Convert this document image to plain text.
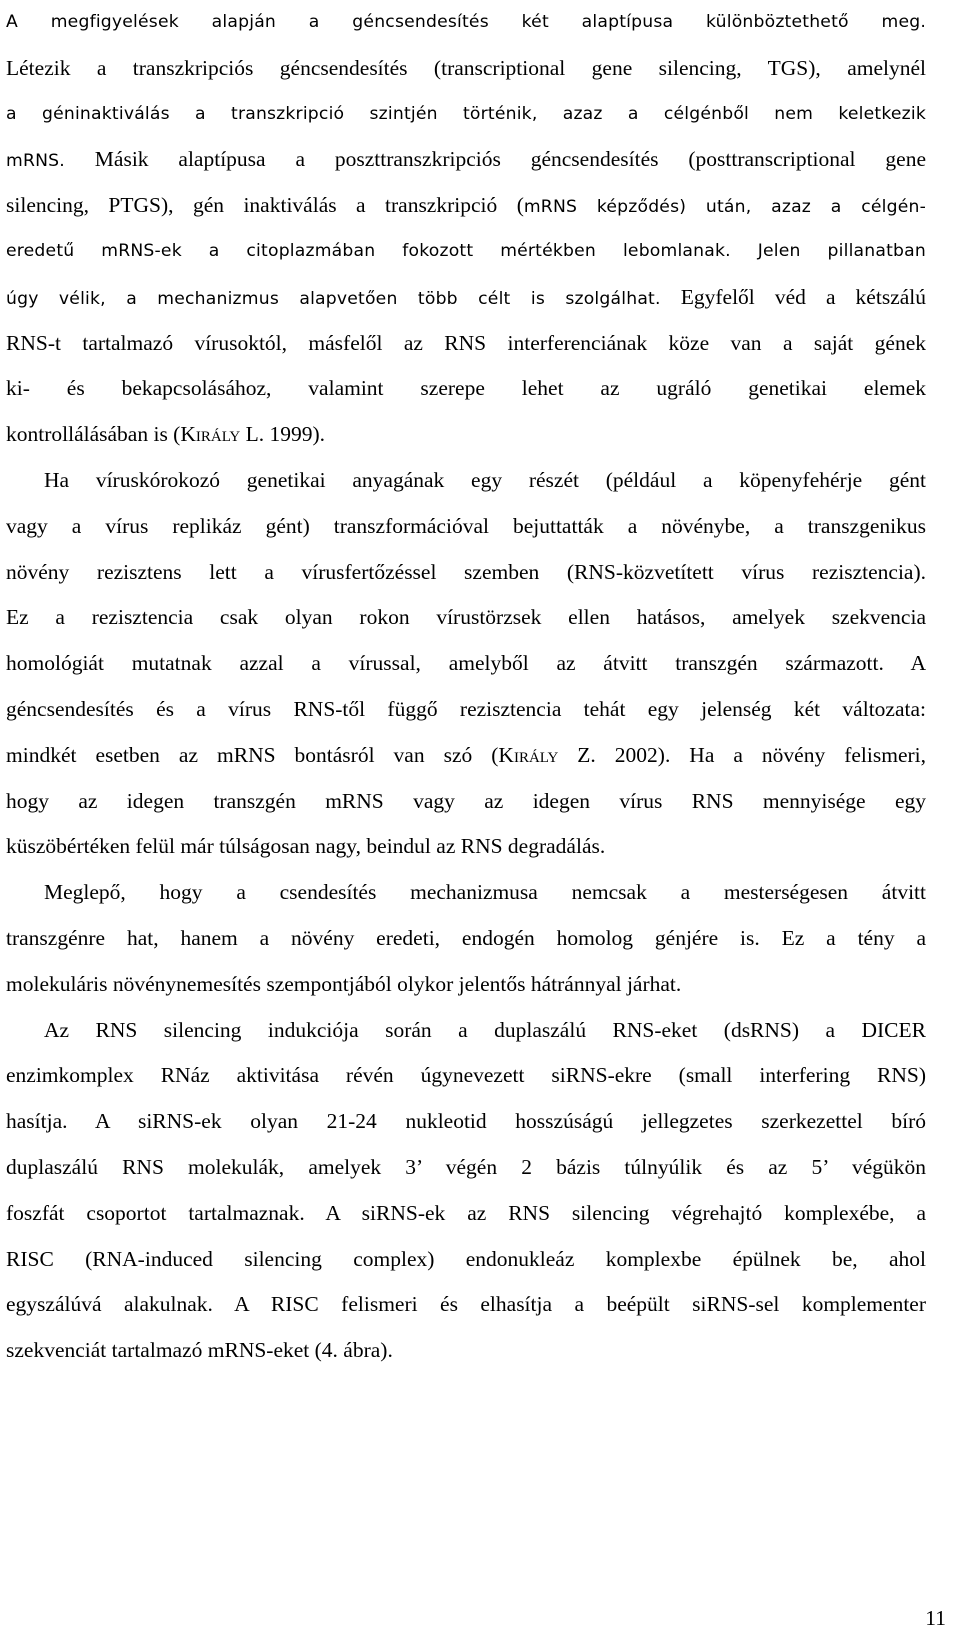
A megfigyelések alapján a géncsendesítés két alaptípusa különböztethető meg.
Létezik a transzkripciós géncsendesítés (transcriptional gene silencing, TGS), amelynél
a géninaktiválás a transzkripció szintjén történik, azaz a célgénből nem keletkezik
mRNS. Másik alaptípusa a poszttranszkripciós géncsendesítés (posttranscriptional gene
silencing, PTGS), gén inaktiválás a transzkripció (mRNS képződés) után, azaz a célgén-
eredetű mRNS-ek a citoplazmában fokozott mértékben lebomlanak. Jelen pillanatban
úgy vélik, a mechanizmus alapvetően több célt is szolgálhat. Egyfelől véd a kétszálú
RNS-t tartalmazó vírusoktól, másfelől az RNS interferenciának köze van a saját gének
ki- és bekapcsolásához, valamint szerepe lehet az ugráló genetikai elemek
kontrollálásában is (Király L. 1999).
Ha víruskórokozó genetikai anyagának egy részét (például a köpenyfehérje gént
vagy a vírus replikáz gént) transzformációval bejuttatták a növénybe, a transzgenikus
növény rezisztens lett a vírusfertőzéssel szemben (RNS-közvetített vírus rezisztencia).
Ez a rezisztencia csak olyan rokon vírustörzsek ellen hatásos, amelyek szekvencia
homológiát mutatnak azzal a vírussal, amelyből az átvitt transzgén származott. A
géncsendesítés és a vírus RNS-től függő rezisztencia tehát egy jelenség két változata:
mindkét esetben az mRNS bontásról van szó (Király Z. 2002). Ha a növény felismeri,
hogy az idegen transzgén mRNS vagy az idegen vírus RNS mennyisége egy
küszöbértéken felül már túlságosan nagy, beindul az RNS degradálás.
Meglepő, hogy a csendesítés mechanizmusa nemcsak a mesterségesen átvitt
transzgénre hat, hanem a növény eredeti, endogén homolog génjére is. Ez a tény a
molekuláris növénynemesítés szempontjából olykor jelentős hátránnyal járhat.
Az RNS silencing indukciója során a duplaszálú RNS-eket (dsRNS) a DICER
enzimkomplex RNáz aktivitása révén úgynevezett siRNS-ekre (small interfering RNS)
hasítja. A siRNS-ek olyan 21-24 nukleotid hosszúságú jellegzetes szerkezettel bíró
duplaszálú RNS molekulák, amelyek 3’ végén 2 bázis túlnyúlik és az 5’ végükön
foszfát csoportot tartalmaznak. A siRNS-ek az RNS silencing végrehajtó komplexébe, a
RISC (RNA-induced silencing complex) endonukleáz komplexbe épülnek be, ahol
egyszálúvá alakulnak. A RISC felismeri és elhasítja a beépült siRNS-sel komplementer
szekvenciát tartalmazó mRNS-eket (4. ábra).
11
